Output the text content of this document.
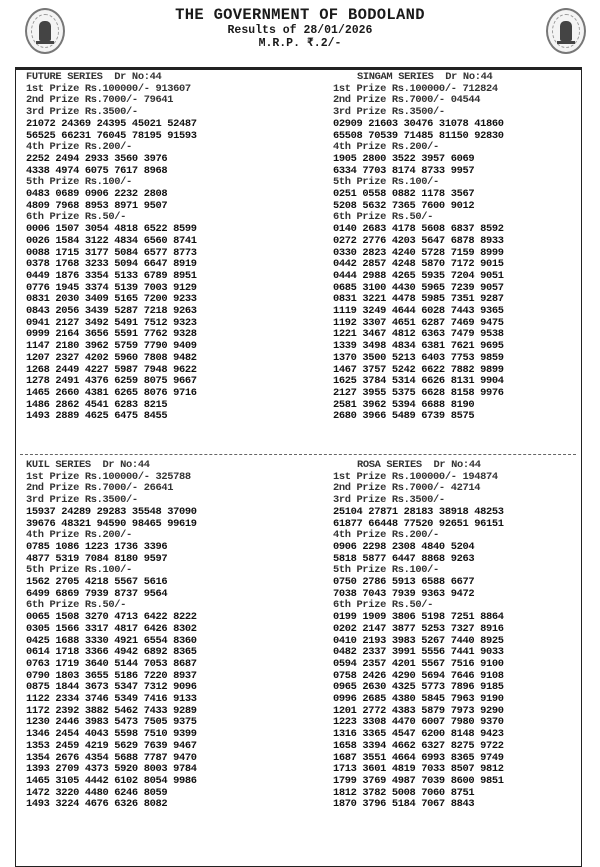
THE GOVERNMENT OF BODOLAND
Results of 28/01/2026
M.R.P. ₹.2/-
FUTURE SERIES  Dr No:44
1st Prize Rs.100000/- 913607
2nd Prize Rs.7000/- 79641
3rd Prize Rs.3500/-
21072 24369 24395 45021 52487
56525 66231 76045 78195 91593
4th Prize Rs.200/-
2252 2494 2933 3560 3976
4338 4974 6075 7617 8968
5th Prize Rs.100/-
0483 0689 0906 2232 2808
4809 7968 8953 8971 9507
6th Prize Rs.50/-
0006 1507 3054 4818 6522 8599
0026 1584 3122 4834 6560 8741
0088 1715 3177 5084 6577 8773
0378 1768 3233 5094 6647 8919
0449 1876 3354 5133 6789 8951
0776 1945 3374 5139 7003 9129
0831 2030 3409 5165 7200 9233
0843 2056 3439 5287 7218 9263
0941 2127 3492 5491 7512 9323
0999 2164 3656 5591 7762 9328
1147 2180 3962 5759 7790 9409
1207 2327 4202 5960 7808 9482
1268 2449 4227 5987 7948 9622
1278 2491 4376 6259 8075 9667
1465 2660 4381 6265 8076 9716
1486 2862 4541 6283 8215
1493 2889 4625 6475 8455
SINGAM SERIES  Dr No:44
1st Prize Rs.100000/- 712824
2nd Prize Rs.7000/- 04544
3rd Prize Rs.3500/-
02909 21603 30476 31078 41860
65508 70539 71485 81150 92830
4th Prize Rs.200/-
1905 2800 3522 3957 6069
6334 7703 8174 8733 9957
5th Prize Rs.100/-
0251 0558 0882 1178 3567
5208 5632 7365 7600 9012
6th Prize Rs.50/-
0140 2683 4178 5608 6837 8592
0272 2776 4203 5647 6878 8933
0330 2823 4240 5728 7159 8999
0442 2857 4248 5870 7172 9015
0444 2988 4265 5935 7204 9051
0685 3100 4430 5965 7239 9057
0831 3221 4478 5985 7351 9287
1119 3249 4644 6028 7443 9365
1192 3307 4651 6287 7469 9475
1221 3467 4812 6363 7479 9538
1339 3498 4834 6381 7621 9695
1370 3500 5213 6403 7753 9859
1467 3757 5242 6622 7882 9899
1625 3784 5314 6626 8131 9904
2127 3955 5375 6628 8158 9976
2581 3962 5394 6688 8190
2680 3966 5489 6739 8575
KUIL SERIES  Dr No:44
1st Prize Rs.100000/- 325788
2nd Prize Rs.7000/- 26641
3rd Prize Rs.3500/-
15937 24289 29283 35548 37090
39676 48321 94590 98465 99619
4th Prize Rs.200/-
0785 1086 1223 1736 3396
4877 5319 7084 8180 9597
5th Prize Rs.100/-
1562 2705 4218 5567 5616
6499 6869 7939 8737 9564
6th Prize Rs.50/-
0065 1508 3270 4713 6422 8222
0305 1566 3317 4817 6426 8302
0425 1688 3330 4921 6554 8360
0614 1718 3366 4942 6892 8365
0763 1719 3640 5144 7053 8687
0790 1803 3655 5186 7220 8937
0875 1844 3673 5347 7312 9096
1122 2334 3746 5349 7416 9133
1172 2392 3882 5462 7433 9289
1230 2446 3983 5473 7505 9375
1346 2454 4043 5598 7510 9399
1353 2459 4219 5629 7639 9467
1354 2676 4354 5688 7787 9470
1393 2709 4373 5920 8003 9784
1465 3105 4442 6102 8054 9986
1472 3220 4480 6246 8059
1493 3224 4676 6326 8082
ROSA SERIES  Dr No:44
1st Prize Rs.100000/- 194874
2nd Prize Rs.7000/- 42714
3rd Prize Rs.3500/-
25104 27871 28183 38918 48253
61877 66448 77520 92651 96151
4th Prize Rs.200/-
0906 2298 2308 4840 5204
5818 5877 6447 8868 9263
5th Prize Rs.100/-
0750 2786 5913 6588 6677
7038 7043 7939 9363 9472
6th Prize Rs.50/-
0199 1909 3806 5198 7251 8864
0202 2147 3877 5253 7327 8916
0410 2193 3983 5267 7440 8925
0482 2337 3991 5556 7441 9033
0594 2357 4201 5567 7516 9100
0758 2426 4290 5694 7646 9108
0965 2630 4325 5773 7896 9185
0996 2685 4380 5845 7963 9190
1201 2772 4383 5879 7973 9290
1223 3308 4470 6007 7980 9370
1316 3365 4547 6200 8148 9423
1658 3394 4662 6327 8275 9722
1687 3551 4664 6993 8365 9749
1713 3601 4819 7033 8507 9812
1799 3769 4987 7039 8600 9851
1812 3782 5008 7060 8751
1870 3796 5184 7067 8843
